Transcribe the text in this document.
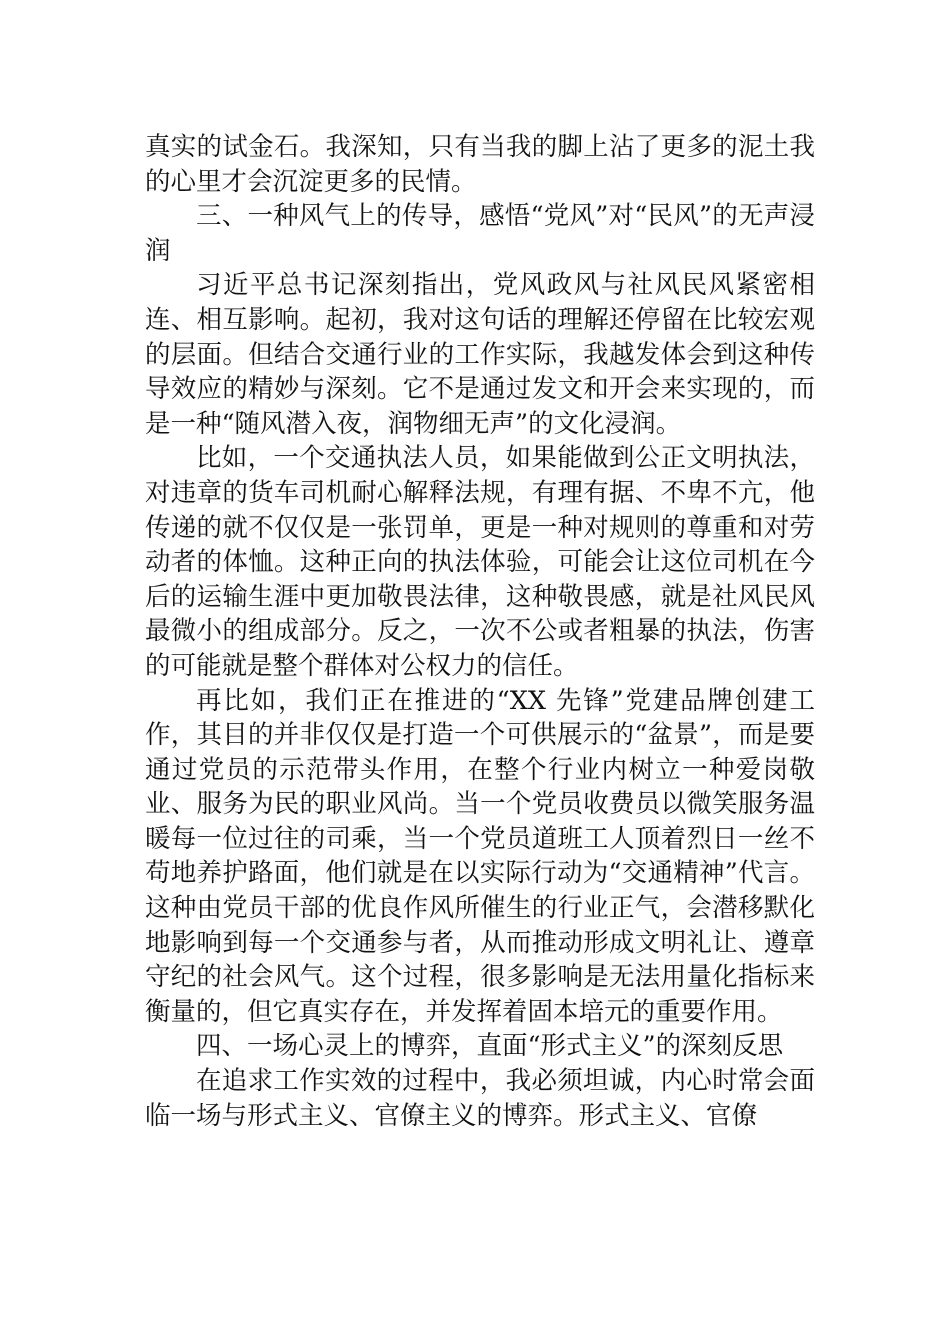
真实的试金石。我深知，只有当我的脚上沾了更多的泥土我的心里才会沉淀更多的民情。

三、一种风气上的传导，感悟“党风”对“民风”的无声浸润

习近平总书记深刻指出，党风政风与社风民风紧密相连、相互影响。起初，我对这句话的理解还停留在比较宏观的层面。但结合交通行业的工作实际，我越发体会到这种传导效应的精妙与深刻。它不是通过发文和开会来实现的，而是一种“随风潜入夜，润物细无声”的文化浸润。

比如，一个交通执法人员，如果能做到公正文明执法，对违章的货车司机耐心解释法规，有理有据、不卑不亢，他传递的就不仅仅是一张罚单，更是一种对规则的尊重和对劳动者的体恤。这种正向的执法体验，可能会让这位司机在今后的运输生涯中更加敬畏法律，这种敬畏感，就是社风民风最微小的组成部分。反之，一次不公或者粗暴的执法，伤害的可能就是整个群体对公权力的信任。

再比如，我们正在推进的“XX 先锋”党建品牌创建工作，其目的并非仅仅是打造一个可供展示的“盆景”，而是要通过党员的示范带头作用，在整个行业内树立一种爱岗敬业、服务为民的职业风尚。当一个党员收费员以微笑服务温暖每一位过往的司乘，当一个党员道班工人顶着烈日一丝不苟地养护路面，他们就是在以实际行动为“交通精神”代言。这种由党员干部的优良作风所催生的行业正气，会潜移默化地影响到每一个交通参与者，从而推动形成文明礼让、遵章守纪的社会风气。这个过程，很多影响是无法用量化指标来衡量的，但它真实存在，并发挥着固本培元的重要作用。

四、一场心灵上的博弈，直面“形式主义”的深刻反思

在追求工作实效的过程中，我必须坦诚，内心时常会面临一场与形式主义、官僚主义的博弈。形式主义、官僚
